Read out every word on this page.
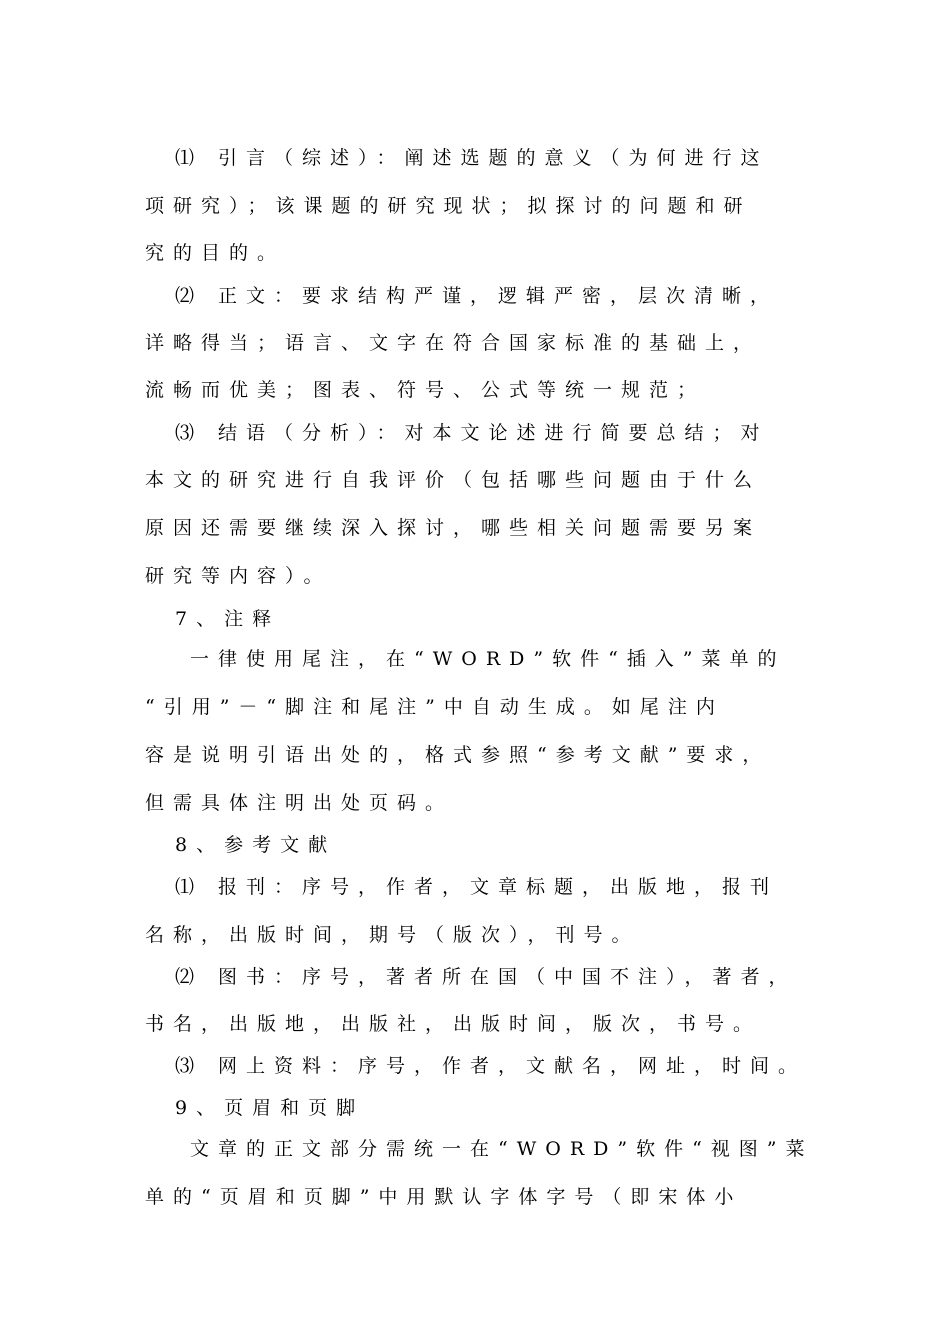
⑴ 引言（综述）：阐述选题的意义（为何进行这
项研究）；该课题的研究现状；拟探讨的问题和研
究的目的。
⑵ 正文：要求结构严谨，逻辑严密，层次清晰，
详略得当；语言、文字在符合国家标准的基础上，
流畅而优美；图表、符号、公式等统一规范；
⑶ 结语（分析）：对本文论述进行简要总结；对
本文的研究进行自我评价（包括哪些问题由于什么
原因还需要继续深入探讨，哪些相关问题需要另案
研究等内容）。
7、注释
一律使用尾注，在“WORD”软件“插入”菜单的
“引用”－“脚注和尾注”中自动生成。如尾注内
容是说明引语出处的，格式参照“参考文献”要求，
但需具体注明出处页码。
8、参考文献
⑴ 报刊：序号，作者，文章标题，出版地，报刊
名称，出版时间，期号（版次），刊号。
⑵ 图书：序号，著者所在国（中国不注），著者，
书名，出版地，出版社，出版时间，版次，书号。
⑶ 网上资料：序号，作者，文献名，网址，时间。
9、页眉和页脚
文章的正文部分需统一在“WORD”软件“视图”菜
单的“页眉和页脚”中用默认字体字号（即宋体小
